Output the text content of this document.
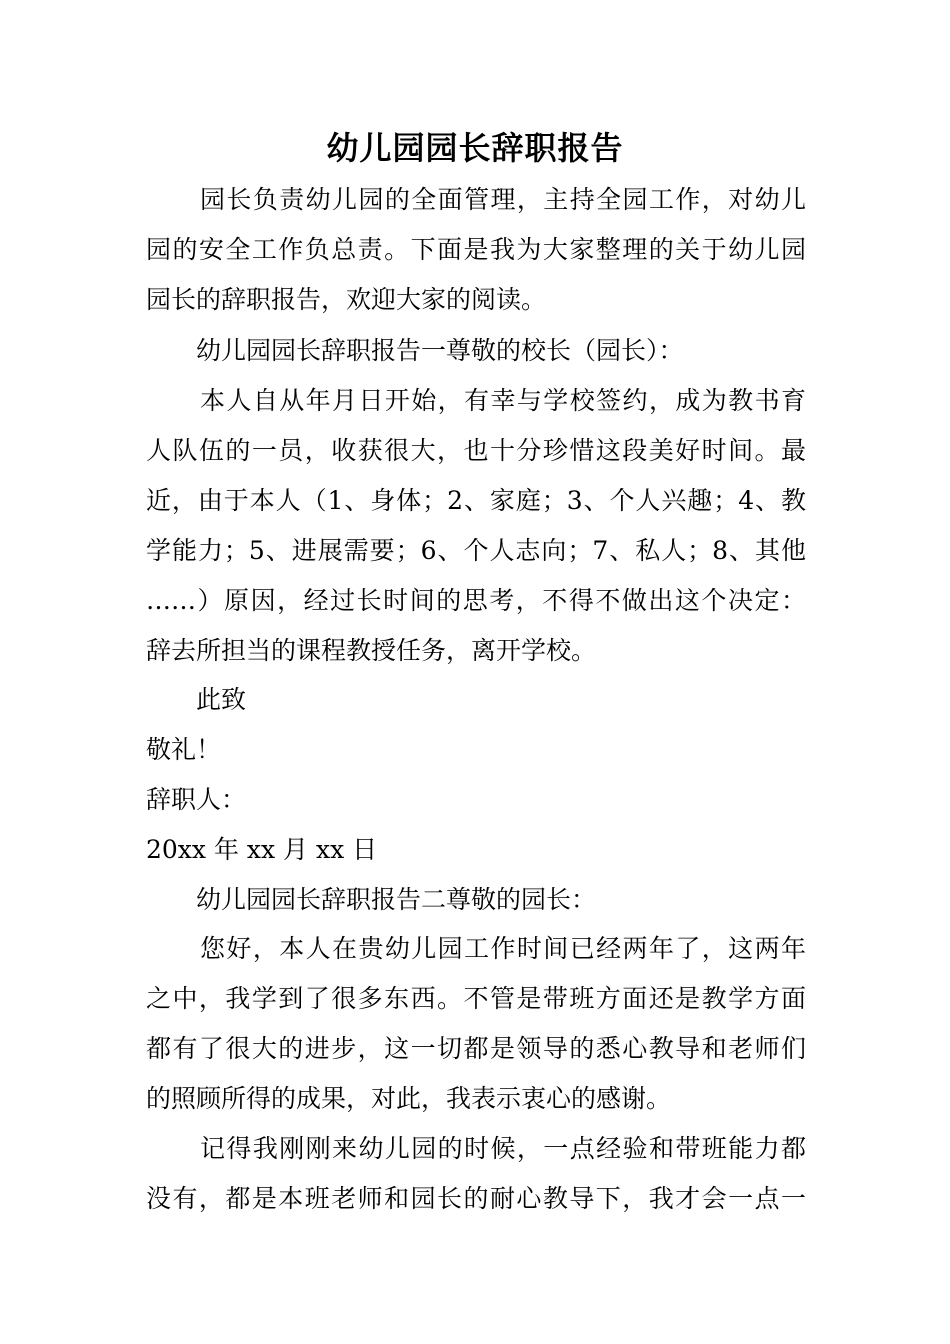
幼儿园园长辞职报告
园长负责幼儿园的全面管理，主持全园工作，对幼儿
园的安全工作负总责。下面是我为大家整理的关于幼儿园
园长的辞职报告，欢迎大家的阅读。
幼儿园园长辞职报告一尊敬的校长（园长）：
本人自从年月日开始，有幸与学校签约，成为教书育
人队伍的一员，收获很大，也十分珍惜这段美好时间。最
近，由于本人（1、身体；2、家庭；3、个人兴趣；4、教
学能力；5、进展需要；6、个人志向；7、私人；8、其他
……）原因，经过长时间的思考，不得不做出这个决定：
辞去所担当的课程教授任务，离开学校。
此致
敬礼！
辞职人：
20xx 年 xx 月 xx 日
幼儿园园长辞职报告二尊敬的园长：
您好，本人在贵幼儿园工作时间已经两年了，这两年
之中，我学到了很多东西。不管是带班方面还是教学方面
都有了很大的进步，这一切都是领导的悉心教导和老师们
的照顾所得的成果，对此，我表示衷心的感谢。
记得我刚刚来幼儿园的时候，一点经验和带班能力都
没有，都是本班老师和园长的耐心教导下，我才会一点一
